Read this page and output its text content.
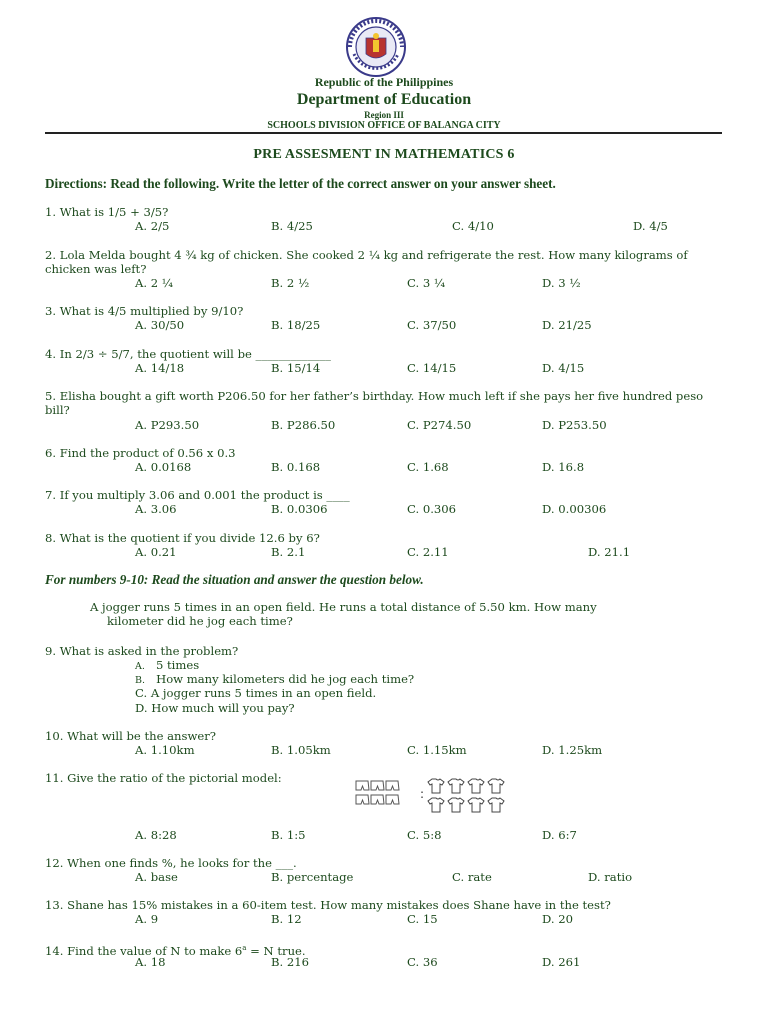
Republic of the Philippines
Department of Education
Region III
SCHOOLS DIVISION OFFICE OF BALANGA CITY
PRE ASSESMENT IN MATHEMATICS 6
Directions: Read the following. Write the letter of the correct answer on your answer sheet.
1. What is 1/5 + 3/5?
A. 2/5	B. 4/25	C. 4/10	D. 4/5
2. Lola Melda bought 4 ¾ kg of chicken. She cooked 2 ¼ kg and refrigerate the rest. How many kilograms of chicken was left?
A. 2 ¼	B. 2 ½	C. 3 ¼	D. 3 ½
3. What is 4/5 multiplied by 9/10?
A. 30/50	B. 18/25	C. 37/50	D. 21/25
4. In 2/3 ÷ 5/7, the quotient will be _____________
A. 14/18	B. 15/14	C. 14/15	D. 4/15
5. Elisha bought a gift worth P206.50 for her father’s birthday. How much left if she pays her five hundred peso bill?
A. P293.50	B. P286.50	C. P274.50	D. P253.50
6. Find the product of 0.56 x 0.3
A. 0.0168	B. 0.168	C. 1.68	D. 16.8
7. If you multiply 3.06 and 0.001 the product is ____
A. 3.06	B. 0.0306	C. 0.306	D. 0.00306
8. What is the quotient if you divide 12.6 by 6?
A. 0.21	B. 2.1	C. 2.11	D. 21.1
For numbers 9-10: Read the situation and answer the question below.
A jogger runs 5 times in an open field. He runs a total distance of 5.50 km. How many
kilometer did he jog each time?
9. What is asked in the problem?
A. 5 times
B. How many kilometers did he jog each time?
C. A jogger runs 5 times in an open field.
D. How much will you pay?
10. What will be the answer?
A. 1.10km	B. 1.05km	C. 1.15km	D. 1.25km
11. Give the ratio of the pictorial model:
:
A. 8:28	B. 1:5	C. 5:8	D. 6:7
12. When one finds %, he looks for the ___.
A. base	B. percentage	C. rate	D. ratio
13. Shane has 15% mistakes in a 60-item test. How many mistakes does Shane have in the test?
A. 9	B. 12	C. 15	D. 20
14. Find the value of N to make $6^a = N$ true.
A. 18	B. 216	C. 36	D. 261
